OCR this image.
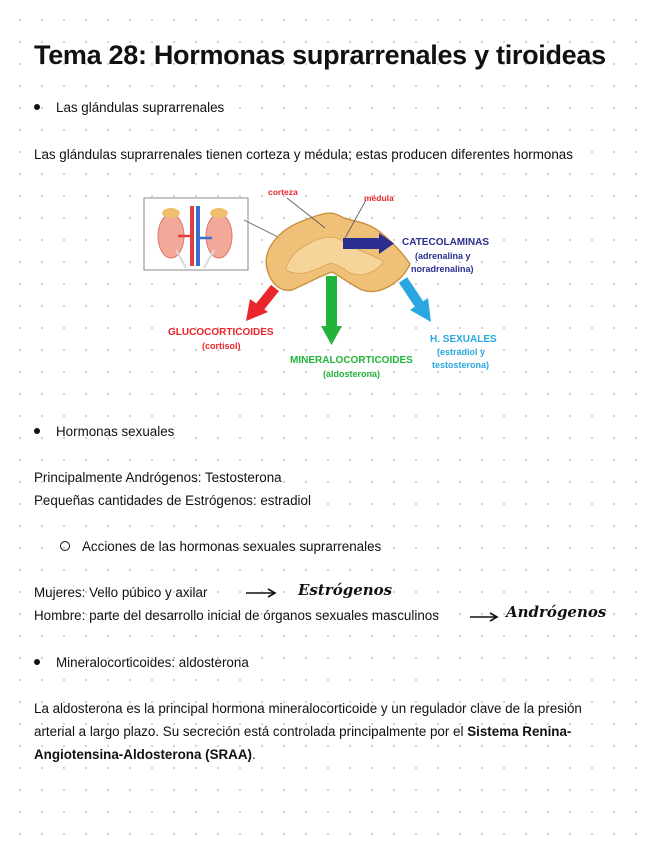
Tema 28: Hormonas suprarrenales y tiroideas
Las glándulas suprarrenales
Las glándulas suprarrenales tienen corteza y médula; estas producen diferentes hormonas
corteza
médula
CATECOLAMINAS
(adrenalina y
noradrenalina)
GLUCOCORTICOIDES
(cortisol)
MINERALOCORTICOIDES
(aldosterona)
H. SEXUALES
(estradiol y
testosterona)
Hormonas sexuales
Principalmente Andrógenos: Testosterona
Pequeñas cantidades de Estrógenos: estradiol
Acciones de las hormonas sexuales suprarrenales
Mujeres: Vello púbico y axilar	Estrógenos
Hombre: parte del desarrollo inicial de órganos sexuales masculinos	Andrógenos
Mineralocorticoides: aldosterona
La aldosterona es la principal hormona mineralocorticoide y un regulador clave de la presión arterial a largo plazo. Su secreción está controlada principalmente por el Sistema Renina-Angiotensina-Aldosterona (SRAA).
